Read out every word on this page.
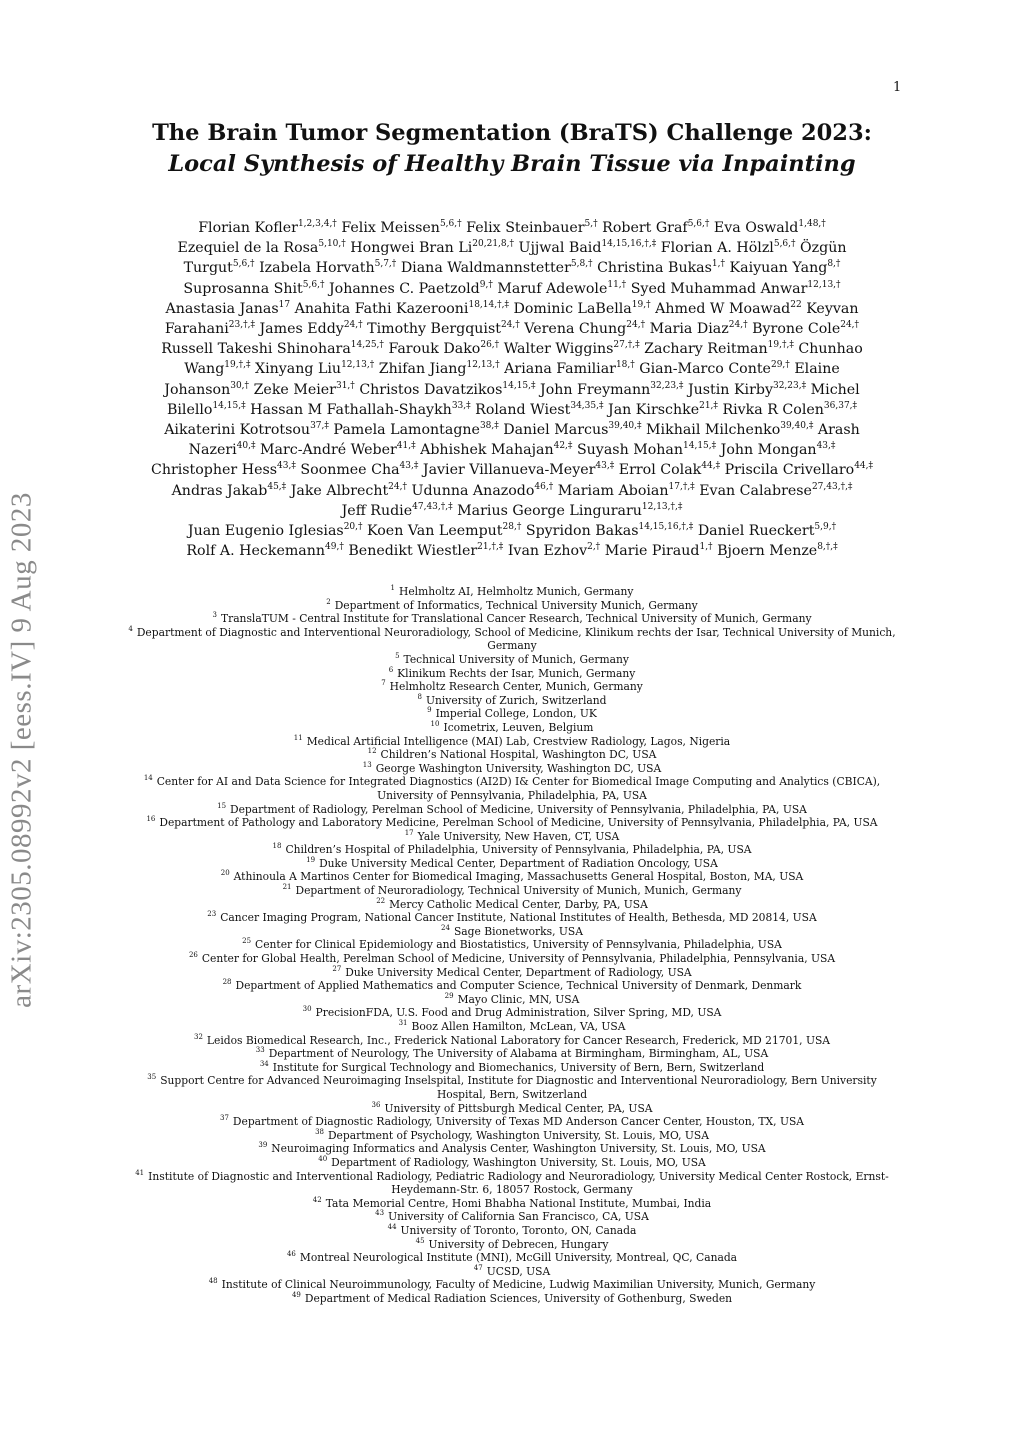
1
arXiv:2305.08992v2 [eess.IV] 9 Aug 2023
The Brain Tumor Segmentation (BraTS) Challenge 2023:
Local Synthesis of Healthy Brain Tissue via Inpainting
Florian Kofler$^{1,2,3,4,\dagger}$ Felix Meissen$^{5,6,\dagger}$ Felix Steinbauer$^{5,\dagger}$ Robert Graf$^{5,6,\dagger}$ Eva Oswald$^{1,48,\dagger}$
Ezequiel de la Rosa$^{5,10,\dagger}$ Hongwei Bran $Li^{20,21,8,\dagger}$ Ujjwal Baid$^{14,15,16,\dagger,\ddagger}$ Florian A. Hölzl$^{5,6,\dagger}$ Özgün
Turgut$^{5,6,\dagger}$ Izabela Horvath$^{5,7,\dagger}$ Diana Waldmannstetter$^{5,8,\dagger}$ Christina Bukas$^{1,\dagger}$ Kaiyuan Yang$^{8,\dagger}$
Suprosanna Shit$^{5,6,\dagger}$ Johannes C. Paetzold$^{9,\dagger}$ Maruf Adewole$^{11,\dagger}$ Syed Muhammad Anwar$^{12,13,\dagger}$
Anastasia Janas$^{17}$ Anahita Fathi Kazerooni$^{18,14,\dagger,\ddagger}$ Dominic LaBella$^{19,\dagger}$ Ahmed W Moawad$^{22}$ Keyvan
Farahani$^{23,\dagger,\ddagger}$ James Eddy$^{24,\dagger}$ Timothy Bergquist$^{24,\dagger}$ Verena Chung$^{24,\dagger}$ Maria Diaz$^{24,\dagger}$ Byrone Cole$^{24,\dagger}$
Russell Takeshi Shinohara$^{14,25,\dagger}$ Farouk Dako$^{26,\dagger}$ Walter Wiggins$^{27,\dagger,\ddagger}$ Zachary Reitman$^{19,\dagger,\ddagger}$ Chunhao
Wang$^{19,\dagger,\ddagger}$ Xinyang Liu$^{12,13,\dagger}$ Zhifan Jiang$^{12,13,\dagger}$ Ariana Familiar$^{18,\dagger}$ Gian-Marco Conte$^{29,\dagger}$ Elaine
Johanson$^{30,\dagger}$ Zeke Meier$^{31,\dagger}$ Christos Davatzikos$^{14,15,\ddagger}$ John Freymann$^{32,23,\ddagger}$ Justin Kirby$^{32,23,\ddagger}$ Michel
Bilello$^{14,15,\ddagger}$ Hassan M Fathallah-Shaykh$^{33,\ddagger}$ Roland Wiest$^{34,35,\ddagger}$ Jan Kirschke$^{21,\ddagger}$ Rivka R Colen$^{36,37,\ddagger}$
Aikaterini Kotrotsou$^{37,\ddagger}$ Pamela Lamontagne$^{38,\ddagger}$ Daniel Marcus$^{39,40,\ddagger}$ Mikhail Milchenko$^{39,40,\ddagger}$ Arash
Nazeri$^{40,\ddagger}$ Marc-André Weber$^{41,\ddagger}$ Abhishek Mahajan$^{42,\ddagger}$ Suyash Mohan$^{14,15,\ddagger}$ John Mongan$^{43,\ddagger}$
Christopher Hess$^{43,\ddagger}$ Soonmee Cha$^{43,\ddagger}$ Javier Villanueva-Meyer$^{43,\ddagger}$ Errol Colak$^{44,\ddagger}$ Priscila Crivellaro$^{44,\ddagger}$
Andras Jakab$^{45,\ddagger}$ Jake Albrecht$^{24,\dagger}$ Udunna Anazodo$^{46,\dagger}$ Mariam Aboian$^{17,\dagger,\ddagger}$ Evan Calabrese$^{27,43,\dagger,\ddagger}$
Jeff Rudie$^{47,43,\dagger,\ddagger}$ Marius George Linguraru$^{12,13,\dagger,\ddagger}$
Juan Eugenio Iglesias$^{20,\dagger}$ Koen Van Leemput$^{28,\dagger}$ Spyridon Bakas$^{14,15,16,\dagger,\ddagger}$ Daniel Rueckert$^{5,9,\dagger}$
Rolf A. Heckemann$^{49,\dagger}$ Benedikt Wiestler$^{21,\dagger,\ddagger}$ Ivan Ezhov$^{2,\dagger}$ Marie Piraud$^{1,\dagger}$ Bjoern Menze$^{8,\dagger,\ddagger}$
$^1$ Helmholtz AI, Helmholtz Munich, Germany
$^2$ Department of Informatics, Technical University Munich, Germany
$^3$ TranslaTUM - Central Institute for Translational Cancer Research, Technical University of Munich, Germany
$^4$ Department of Diagnostic and Interventional Neuroradiology, School of Medicine, Klinikum rechts der Isar, Technical University of Munich, Germany
$^5$ Technical University of Munich, Germany
$^6$ Klinikum Rechts der Isar, Munich, Germany
$^7$ Helmholtz Research Center, Munich, Germany
$^8$ University of Zurich, Switzerland
$^9$ Imperial College, London, UK
$^{10}$ Icometrix, Leuven, Belgium
$^{11}$ Medical Artificial Intelligence (MAI) Lab, Crestview Radiology, Lagos, Nigeria
$^{12}$ Children’s National Hospital, Washington DC, USA
$^{13}$ George Washington University, Washington DC, USA
$^{14}$ Center for AI and Data Science for Integrated Diagnostics (AI2D) I& Center for Biomedical Image Computing and Analytics (CBICA), University of Pennsylvania, Philadelphia, PA, USA
$^{15}$ Department of Radiology, Perelman School of Medicine, University of Pennsylvania, Philadelphia, PA, USA
$^{16}$ Department of Pathology and Laboratory Medicine, Perelman School of Medicine, University of Pennsylvania, Philadelphia, PA, USA
$^{17}$ Yale University, New Haven, CT, USA
$^{18}$ Children’s Hospital of Philadelphia, University of Pennsylvania, Philadelphia, PA, USA
$^{19}$ Duke University Medical Center, Department of Radiation Oncology, USA
$^{20}$ Athinoula A Martinos Center for Biomedical Imaging, Massachusetts General Hospital, Boston, MA, USA
$^{21}$ Department of Neuroradiology, Technical University of Munich, Munich, Germany
$^{22}$ Mercy Catholic Medical Center, Darby, PA, USA
$^{23}$ Cancer Imaging Program, National Cancer Institute, National Institutes of Health, Bethesda, MD 20814, USA
$^{24}$ Sage Bionetworks, USA
$^{25}$ Center for Clinical Epidemiology and Biostatistics, University of Pennsylvania, Philadelphia, USA
$^{26}$ Center for Global Health, Perelman School of Medicine, University of Pennsylvania, Philadelphia, Pennsylvania, USA
$^{27}$ Duke University Medical Center, Department of Radiology, USA
$^{28}$ Department of Applied Mathematics and Computer Science, Technical University of Denmark, Denmark
$^{29}$ Mayo Clinic, MN, USA
$^{30}$ PrecisionFDA, U.S. Food and Drug Administration, Silver Spring, MD, USA
$^{31}$ Booz Allen Hamilton, McLean, VA, USA
$^{32}$ Leidos Biomedical Research, Inc., Frederick National Laboratory for Cancer Research, Frederick, MD 21701, USA
$^{33}$ Department of Neurology, The University of Alabama at Birmingham, Birmingham, AL, USA
$^{34}$ Institute for Surgical Technology and Biomechanics, University of Bern, Bern, Switzerland
$^{35}$ Support Centre for Advanced Neuroimaging Inselspital, Institute for Diagnostic and Interventional Neuroradiology, Bern University Hospital, Bern, Switzerland
$^{36}$ University of Pittsburgh Medical Center, PA, USA
$^{37}$ Department of Diagnostic Radiology, University of Texas MD Anderson Cancer Center, Houston, TX, USA
$^{38}$ Department of Psychology, Washington University, St. Louis, MO, USA
$^{39}$ Neuroimaging Informatics and Analysis Center, Washington University, St. Louis, MO, USA
$^{40}$ Department of Radiology, Washington University, St. Louis, MO, USA
$^{41}$ Institute of Diagnostic and Interventional Radiology, Pediatric Radiology and Neuroradiology, University Medical Center Rostock, Ernst-Heydemann-Str. 6, 18057 Rostock, Germany
$^{42}$ Tata Memorial Centre, Homi Bhabha National Institute, Mumbai, India
$^{43}$ University of California San Francisco, CA, USA
$^{44}$ University of Toronto, Toronto, ON, Canada
$^{45}$ University of Debrecen, Hungary
$^{46}$ Montreal Neurological Institute (MNI), McGill University, Montreal, QC, Canada
$^{47}$ UCSD, USA
$^{48}$ Institute of Clinical Neuroimmunology, Faculty of Medicine, Ludwig Maximilian University, Munich, Germany
$^{49}$ Department of Medical Radiation Sciences, University of Gothenburg, Sweden
